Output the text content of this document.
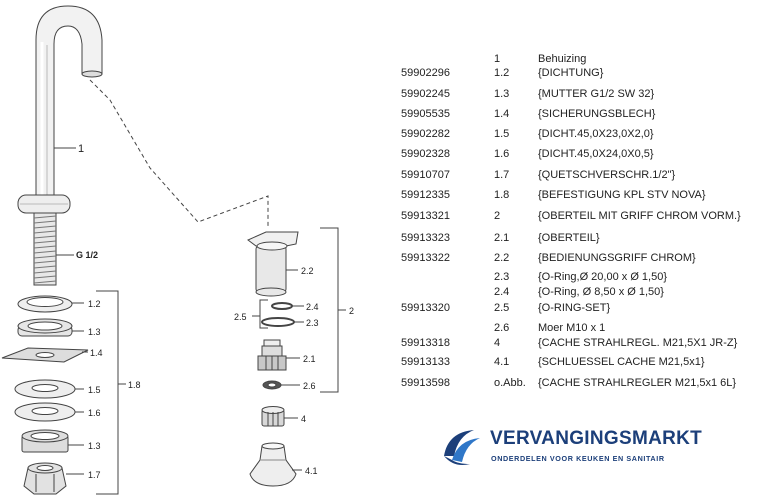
1
G 1/2
1.2
1.3
1.4
1.5
1.6
1.3
1.7
1.8
2.2
2.4
2.3
2.5
2
2.1
2.6
4
4.1
1	Behuizing
59902296	1.2	{DICHTUNG}
59902245	1.3	{MUTTER G1/2 SW 32}
59905535	1.4	{SICHERUNGSBLECH}
59902282	1.5	{DICHT.45,0X23,0X2,0}
59902328	1.6	{DICHT.45,0X24,0X0,5}
59910707	1.7	{QUETSCHVERSCHR.1/2"}
59912335	1.8	{BEFESTIGUNG KPL STV NOVA}
59913321	2	{OBERTEIL MIT GRIFF CHROM VORM.}
59913323	2.1	{OBERTEIL}
59913322	2.2	{BEDIENUNGSGRIFF CHROM}
2.3	{O-Ring,Ø 20,00 x Ø 1,50}
2.4	{O-Ring, Ø 8,50 x Ø 1,50}
59913320	2.5	{O-RING-SET}
2.6	Moer M10 x 1
59913318	4	{CACHE STRAHLREGL. M21,5X1 JR-Z}
59913133	4.1	{SCHLUESSEL CACHE M21,5x1}
59913598	o.Abb. {CACHE STRAHLREGLER M21,5x1 6L}
VERVANGINGSMARKT
ONDERDELEN VOOR KEUKEN EN SANITAIR
